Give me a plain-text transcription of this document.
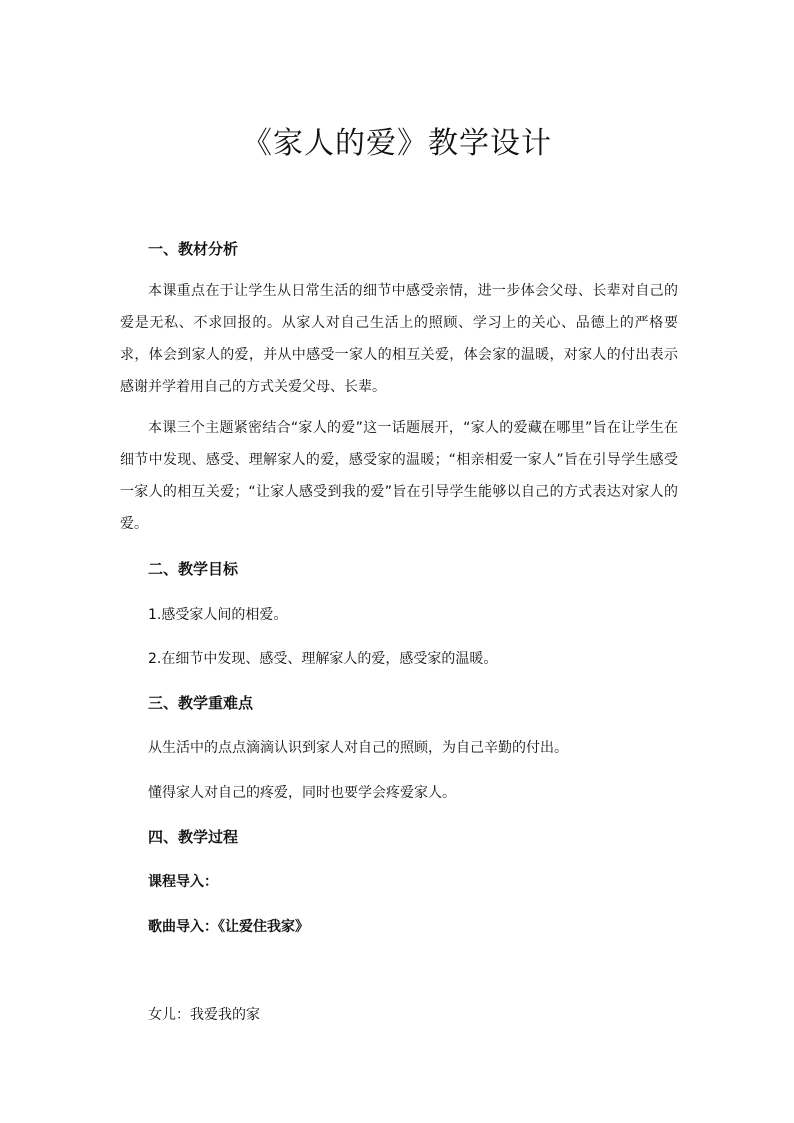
《家人的爱》教学设计
一、教材分析

本课重点在于让学生从日常生活的细节中感受亲情，进一步体会父母、长辈对自己的爱是无私、不求回报的。从家人对自己生活上的照顾、学习上的关心、品德上的严格要求，体会到家人的爱，并从中感受一家人的相互关爱，体会家的温暖，对家人的付出表示感谢并学着用自己的方式关爱父母、长辈。

本课三个主题紧密结合“家人的爱”这一话题展开，“家人的爱藏在哪里”旨在让学生在细节中发现、感受、理解家人的爱，感受家的温暖；“相亲相爱一家人”旨在引导学生感受一家人的相互关爱；“让家人感受到我的爱”旨在引导学生能够以自己的方式表达对家人的爱。

二、教学目标

1.感受家人间的相爱。

2.在细节中发现、感受、理解家人的爱，感受家的温暖。

三、教学重难点

从生活中的点点滴滴认识到家人对自己的照顾，为自己辛勤的付出。

懂得家人对自己的疼爱，同时也要学会疼爱家人。

四、教学过程

课程导入：

歌曲导入：《让爱住我家》

女儿：我爱我的家
